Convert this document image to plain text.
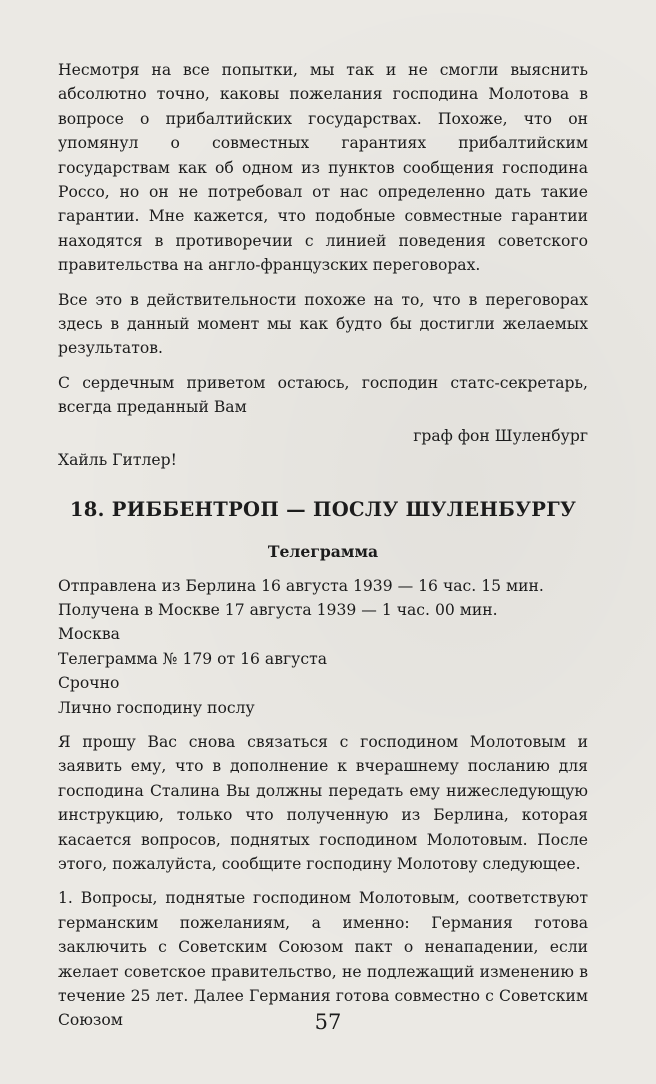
Несмотря на все попытки, мы так и не смогли выяснить абсолютно точно, каковы пожелания господина Молотова в вопросе о прибалтийских государствах. Похоже, что он упомянул о совместных гарантиях прибалтийским государствам как об одном из пунктов сообщения господина Россо, но он не потребовал от нас определенно дать такие гарантии. Мне кажется, что подобные совместные гарантии находятся в противоречии с линией поведения советского правительства на англо-французских переговорах.

Все это в действительности похоже на то, что в переговорах здесь в данный момент мы как будто бы достигли желаемых результатов.

С сердечным приветом остаюсь, господин статс-секретарь, всегда преданный Вам

граф фон Шуленбург

Хайль Гитлер!

18. РИББЕНТРОП — ПОСЛУ ШУЛЕНБУРГУ
Телеграмма

Отправлена из Берлина 16 августа 1939 — 16 час. 15 мин.

Получена в Москве 17 августа 1939 — 1 час. 00 мин.

Москва

Телеграмма № 179 от 16 августа

Срочно

Лично господину послу

Я прошу Вас снова связаться с господином Молотовым и заявить ему, что в дополнение к вчерашнему посланию для господина Сталина Вы должны передать ему нижеследующую инструкцию, только что полученную из Берлина, которая касается вопросов, поднятых господином Молотовым. После этого, пожалуйста, сообщите господину Молотову следующее.

1. Вопросы, поднятые господином Молотовым, соответствуют германским пожеланиям, а именно: Германия готова заключить с Советским Союзом пакт о ненападении, если желает советское правительство, не подлежащий изменению в течение 25 лет. Далее Германия готова совместно с Советским Союзом	57
